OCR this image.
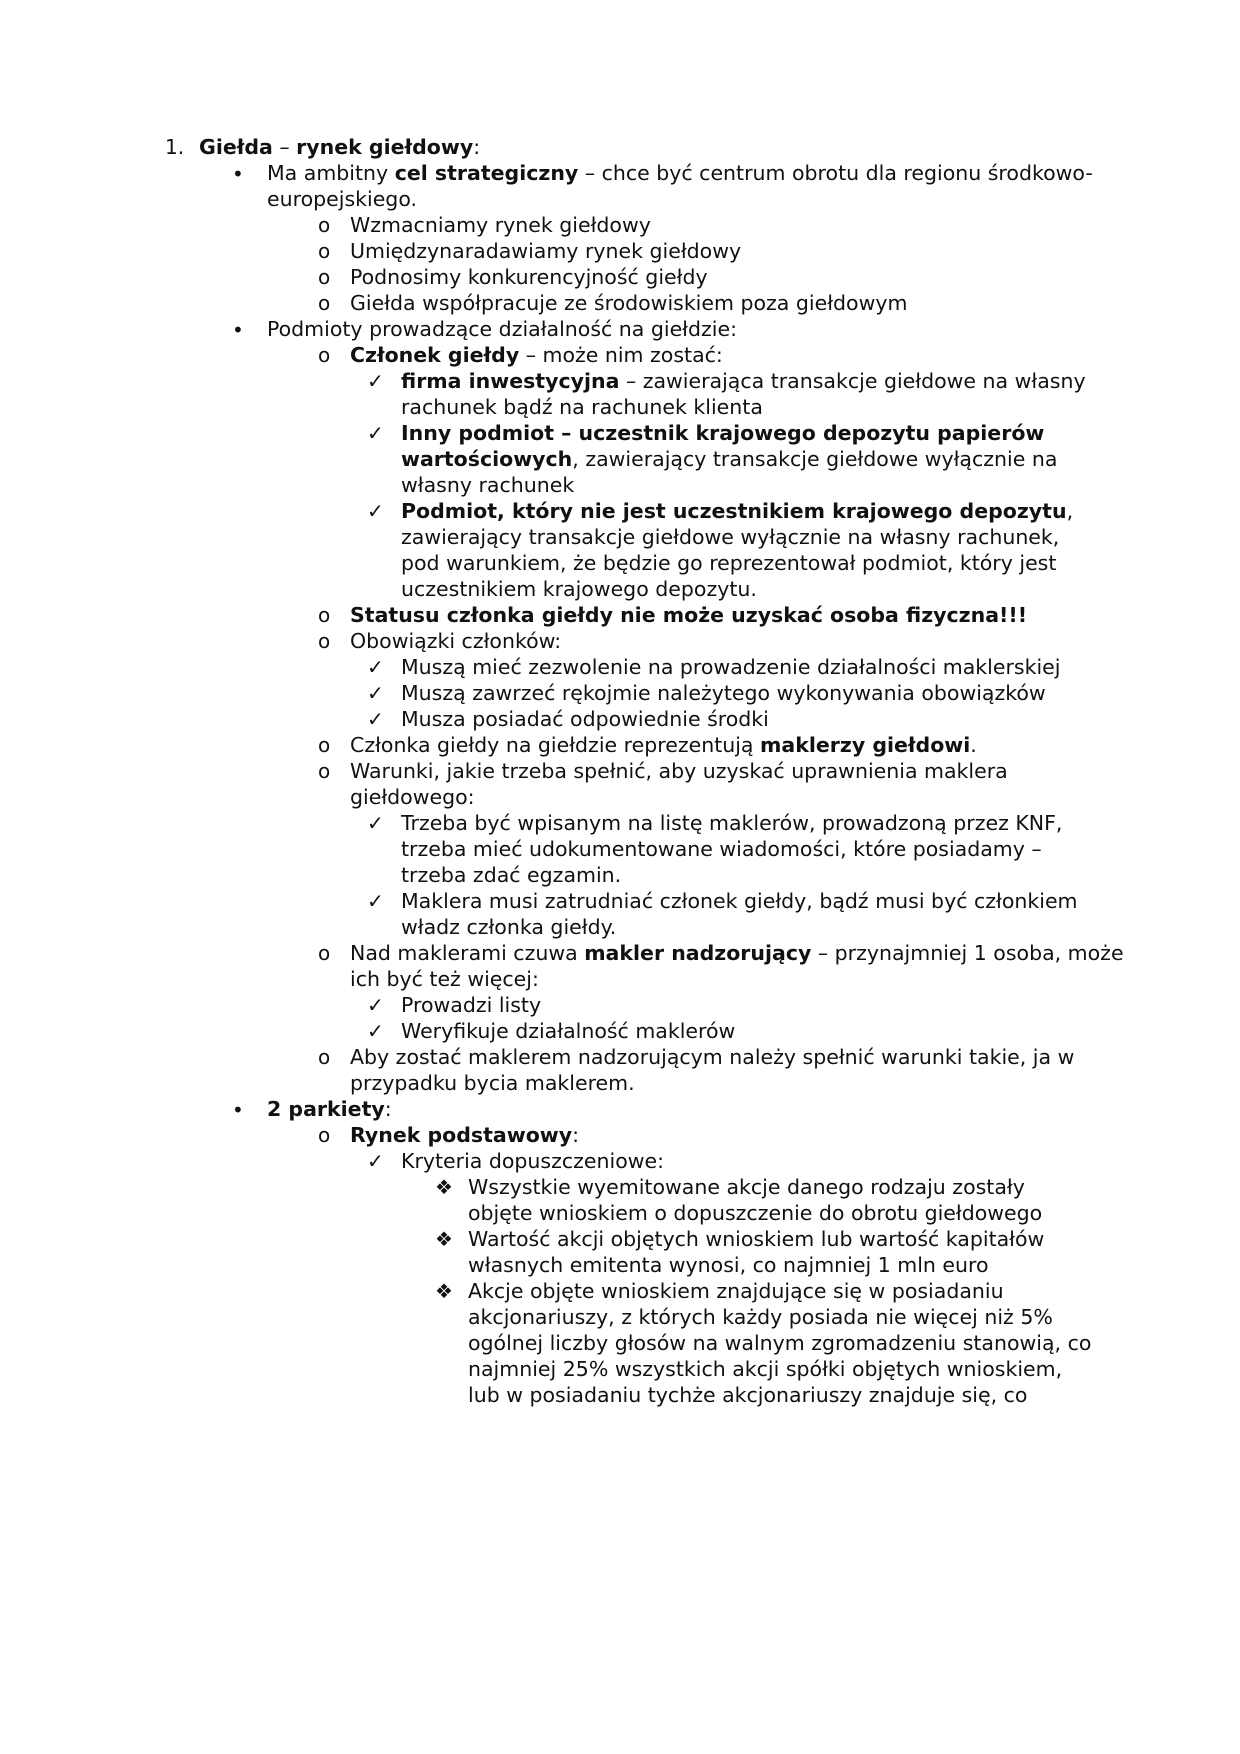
1. Giełda – rynek giełdowy:
• Ma ambitny cel strategiczny – chce być centrum obrotu dla regionu środkowo-
europejskiego.
o Wzmacniamy rynek giełdowy
o Umiędzynaradawiamy rynek giełdowy
o Podnosimy konkurencyjność giełdy
o Giełda współpracuje ze środowiskiem poza giełdowym
• Podmioty prowadzące działalność na giełdzie:
o Członek giełdy – może nim zostać:
✓ firma inwestycyjna – zawierająca transakcje giełdowe na własny
rachunek bądź na rachunek klienta
✓ Inny podmiot – uczestnik krajowego depozytu papierów
wartościowych, zawierający transakcje giełdowe wyłącznie na
własny rachunek
✓ Podmiot, który nie jest uczestnikiem krajowego depozytu,
zawierający transakcje giełdowe wyłącznie na własny rachunek,
pod warunkiem, że będzie go reprezentował podmiot, który jest
uczestnikiem krajowego depozytu.
o Statusu członka giełdy nie może uzyskać osoba fizyczna!!!
o Obowiązki członków:
✓ Muszą mieć zezwolenie na prowadzenie działalności maklerskiej
✓ Muszą zawrzeć rękojmie należytego wykonywania obowiązków
✓ Musza posiadać odpowiednie środki
o Członka giełdy na giełdzie reprezentują maklerzy giełdowi.
o Warunki, jakie trzeba spełnić, aby uzyskać uprawnienia maklera
giełdowego:
✓ Trzeba być wpisanym na listę maklerów, prowadzoną przez KNF,
trzeba mieć udokumentowane wiadomości, które posiadamy –
trzeba zdać egzamin.
✓ Maklera musi zatrudniać członek giełdy, bądź musi być członkiem
władz członka giełdy.
o Nad maklerami czuwa makler nadzorujący – przynajmniej 1 osoba, może
ich być też więcej:
✓ Prowadzi listy
✓ Weryfikuje działalność maklerów
o Aby zostać maklerem nadzorującym należy spełnić warunki takie, ja w
przypadku bycia maklerem.
• 2 parkiety:
o Rynek podstawowy:
✓ Kryteria dopuszczeniowe:
❖ Wszystkie wyemitowane akcje danego rodzaju zostały
objęte wnioskiem o dopuszczenie do obrotu giełdowego
❖ Wartość akcji objętych wnioskiem lub wartość kapitałów
własnych emitenta wynosi, co najmniej 1 mln euro
❖ Akcje objęte wnioskiem znajdujące się w posiadaniu
akcjonariuszy, z których każdy posiada nie więcej niż 5%
ogólnej liczby głosów na walnym zgromadzeniu stanowią, co
najmniej 25% wszystkich akcji spółki objętych wnioskiem,
lub w posiadaniu tychże akcjonariuszy znajduje się, co
